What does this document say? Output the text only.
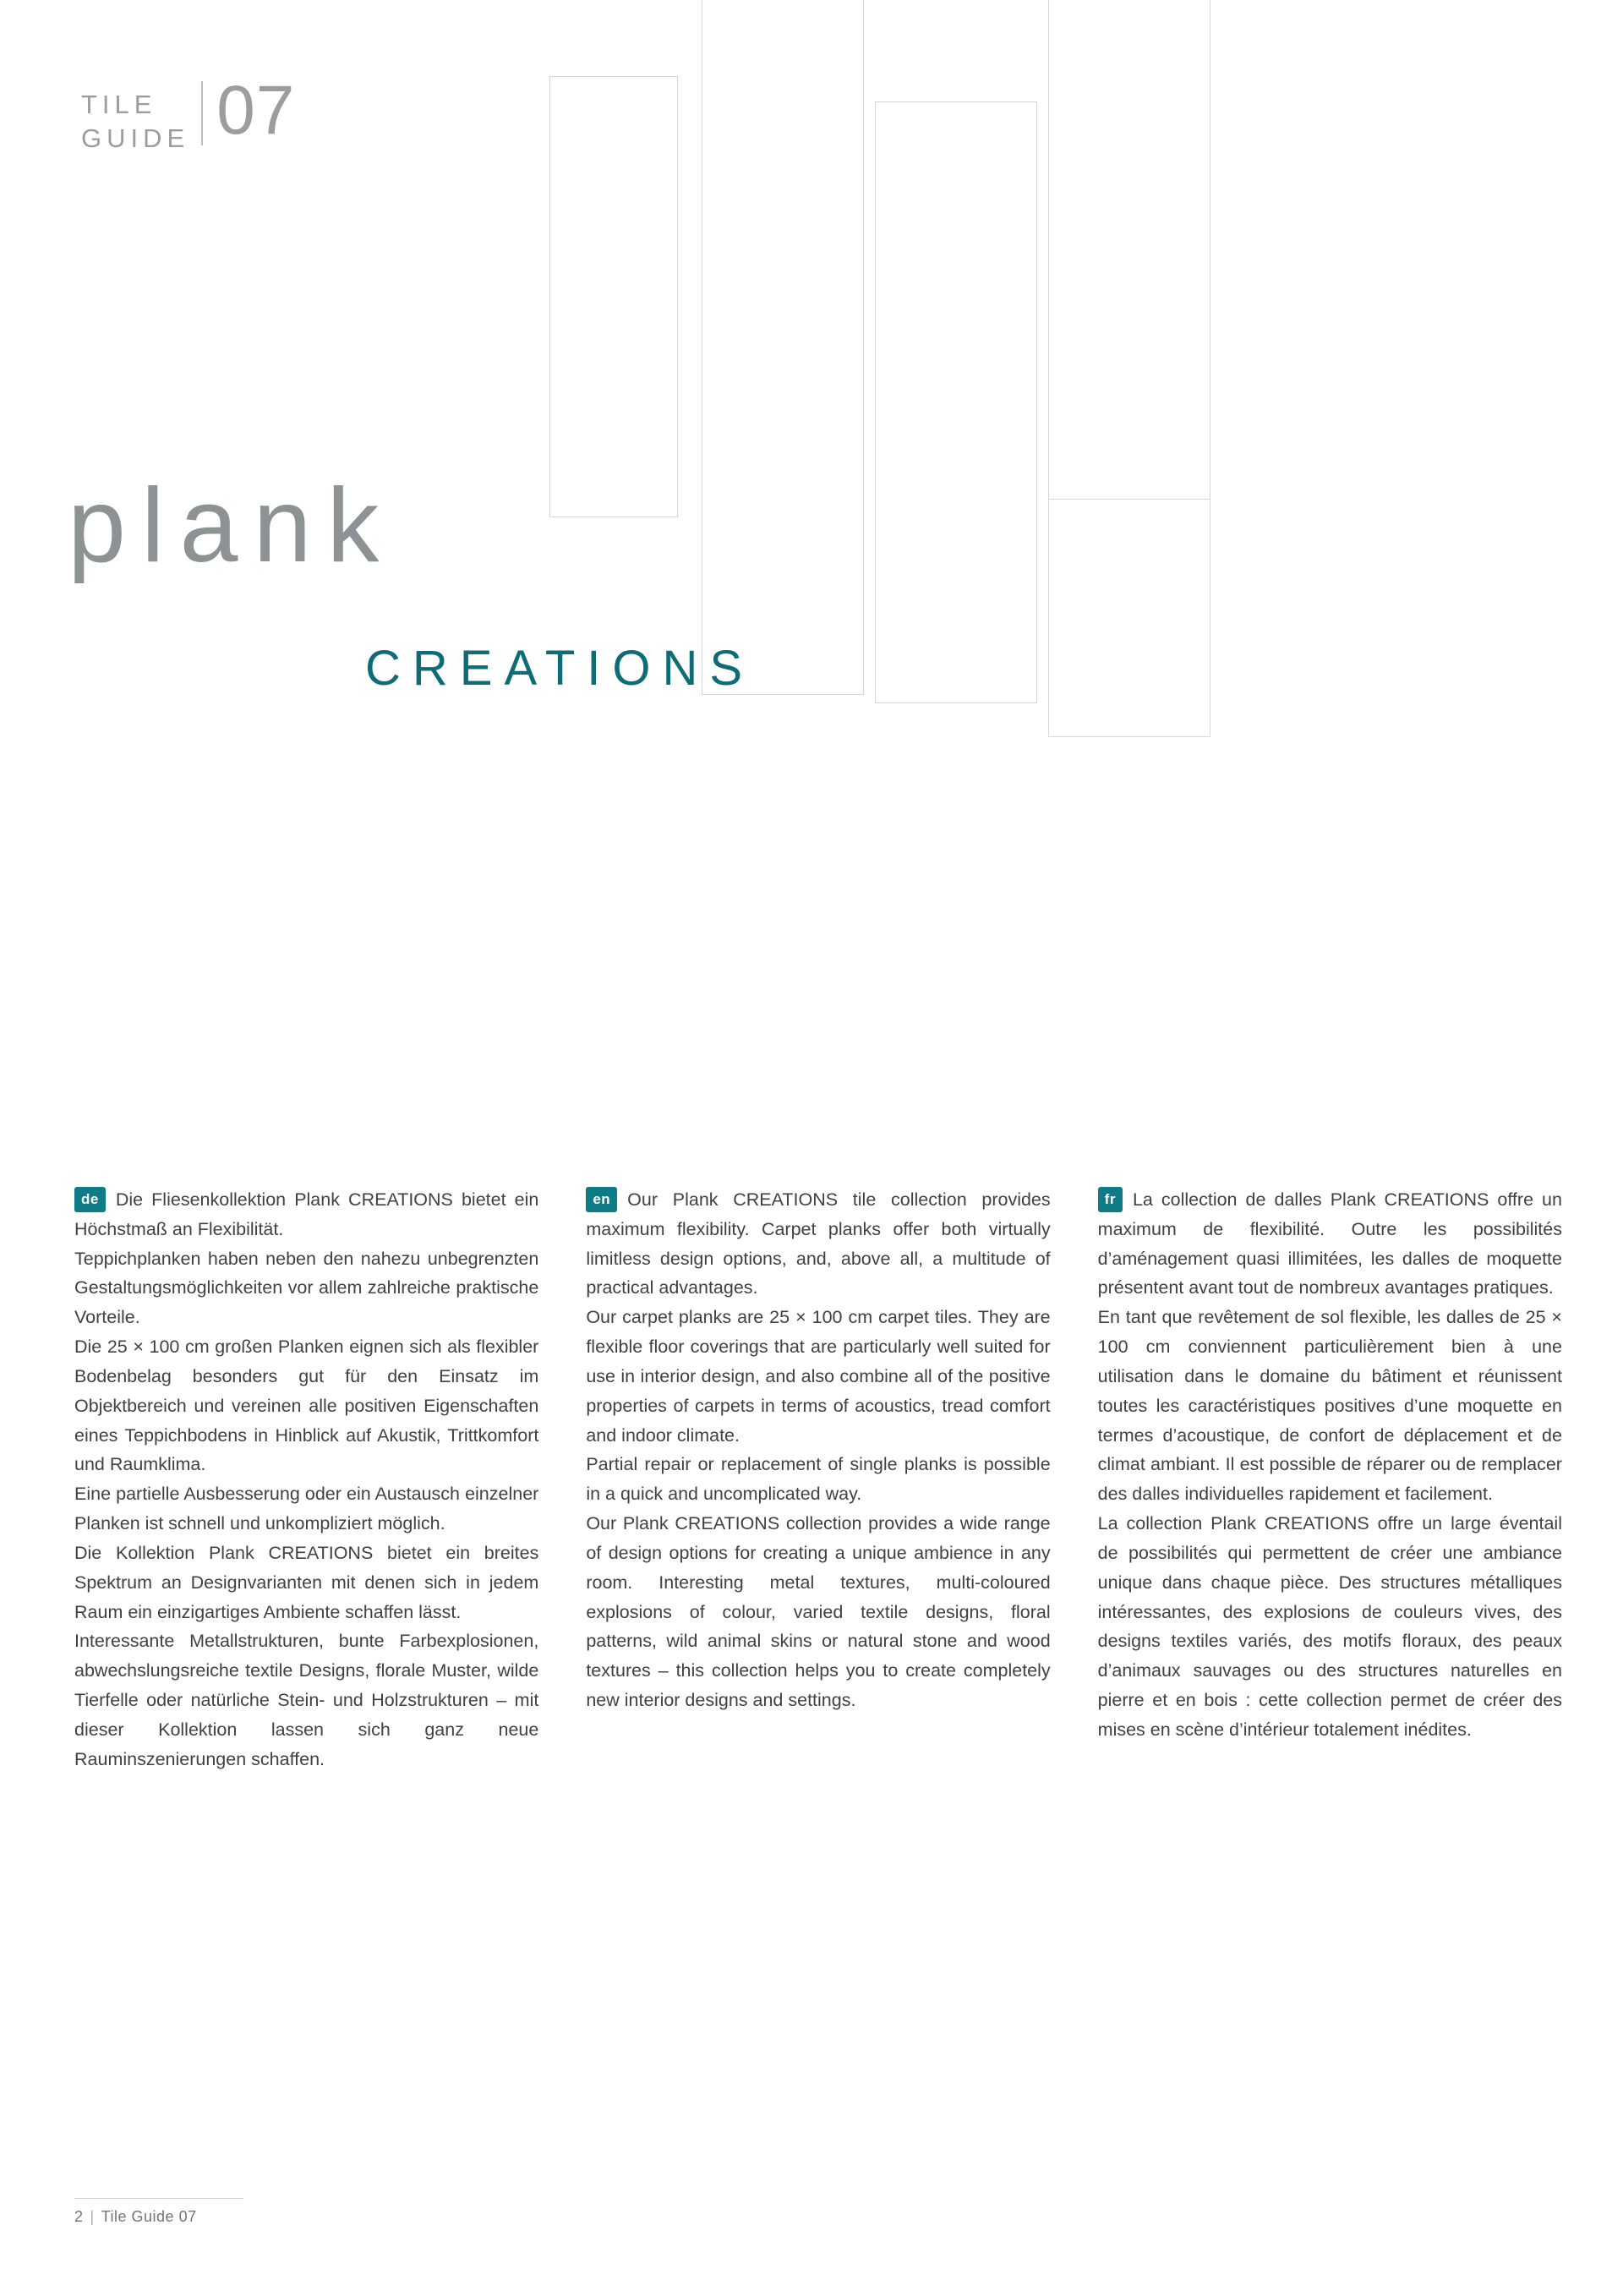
TILE
GUIDE 07
plank
CREATIONS

de Die Fliesenkollektion Plank CREATIONS bietet ein Höchstmaß an Flexibilität.

Teppichplanken haben neben den nahezu unbegrenzten Gestaltungsmöglichkeiten vor allem zahlreiche praktische Vorteile.

Die 25 × 100 cm großen Planken eignen sich als flexibler Bodenbelag besonders gut für den Einsatz im Objektbereich und vereinen alle positiven Eigenschaften eines Teppichbodens in Hinblick auf Akustik, Trittkomfort und Raumklima.

Eine partielle Ausbesserung oder ein Austausch einzelner Planken ist schnell und unkompliziert möglich.

Die Kollektion Plank CREATIONS bietet ein breites Spektrum an Designvarianten mit denen sich in jedem Raum ein einzigartiges Ambiente schaffen lässt.

Interessante Metallstrukturen, bunte Farbexplosionen, abwechslungsreiche textile Designs, florale Muster, wilde Tierfelle oder natürliche Stein- und Holzstrukturen – mit dieser Kollektion lassen sich ganz neue Rauminszenierungen schaffen.

en Our Plank CREATIONS tile collection provides maximum flexibility. Carpet planks offer both virtually limitless design options, and, above all, a multitude of practical advantages.

Our carpet planks are 25 × 100 cm carpet tiles. They are flexible floor coverings that are particularly well suited for use in interior design, and also combine all of the positive properties of carpets in terms of acoustics, tread comfort and indoor climate.

Partial repair or replacement of single planks is possible in a quick and uncomplicated way.

Our Plank CREATIONS collection provides a wide range of design options for creating a unique ambience in any room. Interesting metal textures, multi-coloured explosions of colour, varied textile designs, floral patterns, wild animal skins or natural stone and wood textures – this collection helps you to create completely new interior designs and settings.

fr La collection de dalles Plank CREATIONS offre un maximum de flexibilité. Outre les possibilités d’aménagement quasi illimitées, les dalles de moquette présentent avant tout de nombreux avantages pratiques.

En tant que revêtement de sol flexible, les dalles de 25 × 100 cm conviennent particulièrement bien à une utilisation dans le domaine du bâtiment et réunissent toutes les caractéristiques positives d’une moquette en termes d’acoustique, de confort de déplacement et de climat ambiant. Il est possible de réparer ou de remplacer des dalles individuelles rapidement et facilement.

La collection Plank CREATIONS offre un large éventail de possibilités qui permettent de créer une ambiance unique dans chaque pièce. Des structures métalliques intéressantes, des explosions de couleurs vives, des designs textiles variés, des motifs floraux, des peaux d’animaux sauvages ou des structures naturelles en pierre et en bois : cette collection permet de créer des mises en scène d’intérieur totalement inédites.

2 | Tile Guide 07
